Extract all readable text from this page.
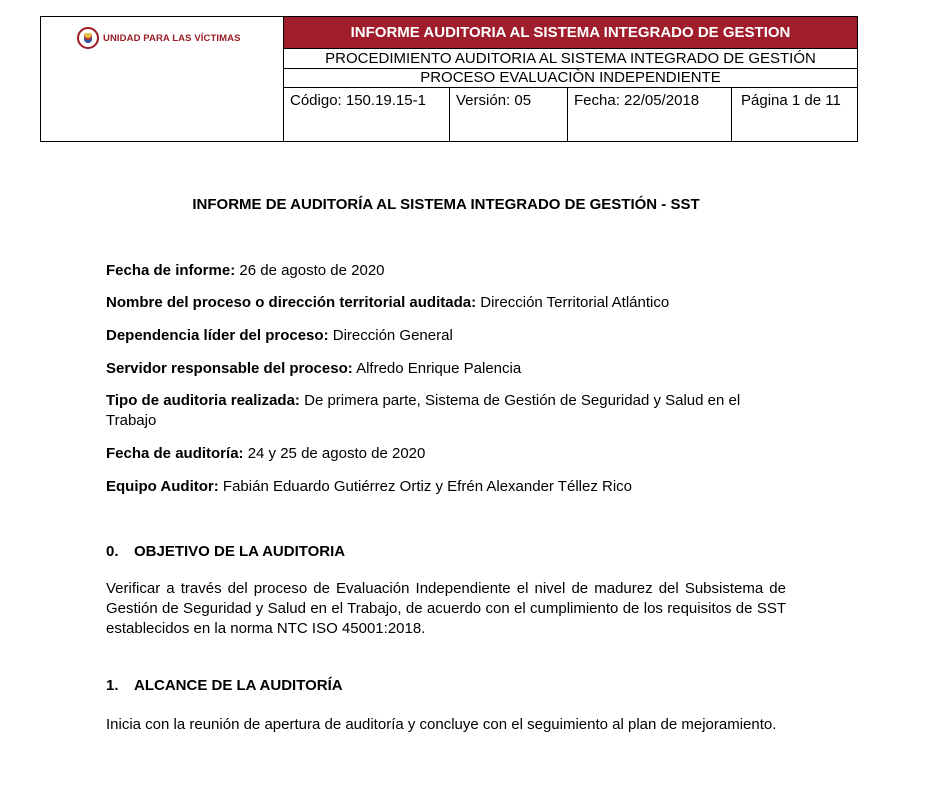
UNIDAD PARA LAS VÍCTIMAS	INFORME AUDITORIA AL SISTEMA INTEGRADO DE GESTION			
	PROCEDIMIENTO AUDITORIA AL SISTEMA INTEGRADO DE GESTIÓN			
	PROCESO EVALUACIÒN INDEPENDIENTE			
	Código: 150.19.15-1	Versión: 05	Fecha: 22/05/2018	Página 1 de 11
INFORME DE AUDITORÍA AL SISTEMA INTEGRADO DE GESTIÓN - SST
Fecha de informe: 26 de agosto de 2020
Nombre del proceso o dirección territorial auditada: Dirección Territorial Atlántico
Dependencia líder del proceso: Dirección General
Servidor responsable del proceso: Alfredo Enrique Palencia
Tipo de auditoria realizada: De primera parte, Sistema de Gestión de Seguridad y Salud en el Trabajo
Fecha de auditoría: 24 y 25 de agosto de 2020
Equipo Auditor: Fabián Eduardo Gutiérrez Ortiz y Efrén Alexander Téllez Rico
0. OBJETIVO DE LA AUDITORIA
Verificar a través del proceso de Evaluación Independiente el nivel de madurez del Subsistema de Gestión de Seguridad y Salud en el Trabajo, de acuerdo con el cumplimiento de los requisitos de SST establecidos en la norma NTC ISO 45001:2018.
1. ALCANCE DE LA AUDITORÍA
Inicia con la reunión de apertura de auditoría y concluye con el seguimiento al plan de mejoramiento.
